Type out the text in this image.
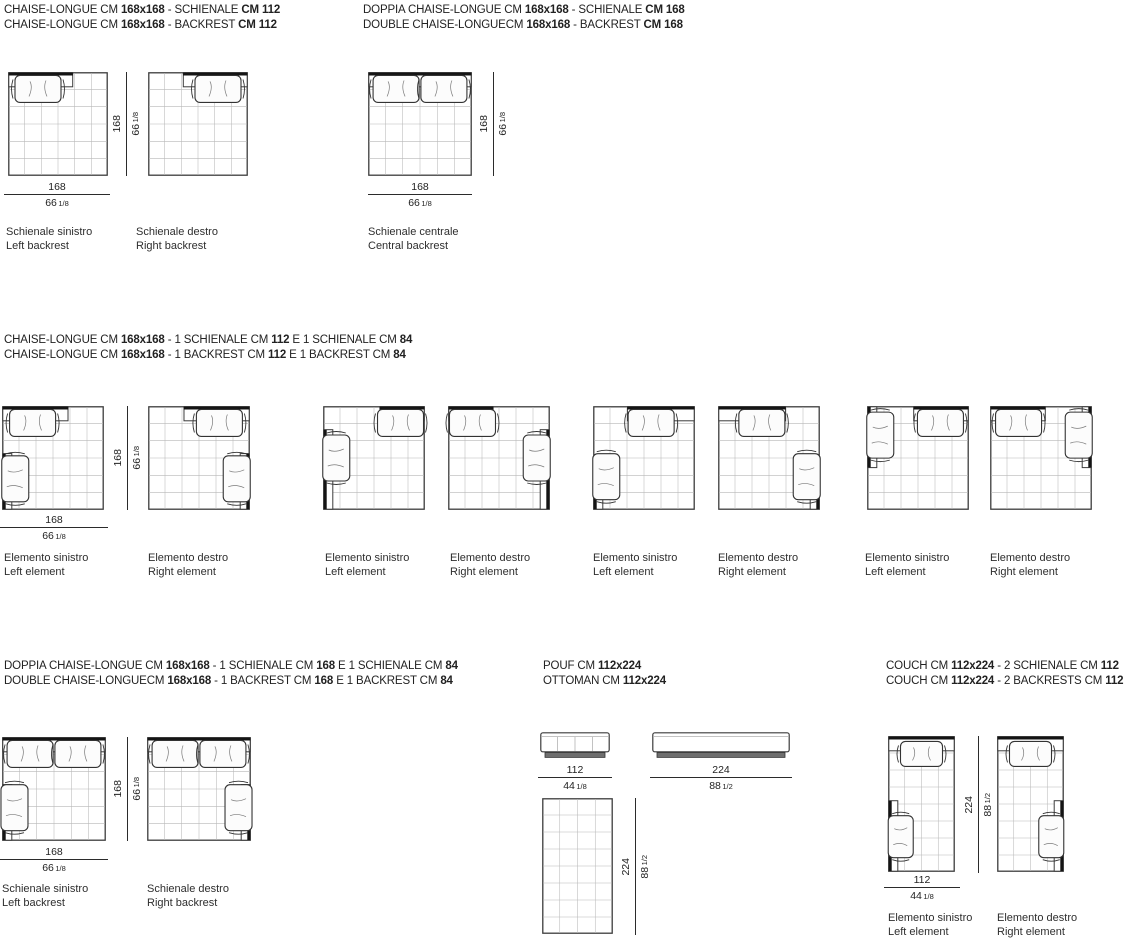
CHAISE-LONGUE CM 168x168 - SCHIENALE CM 112
CHAISE-LONGUE CM 168x168 - BACKREST CM 112
168 66 1/8
168
66 1/8
Schienale sinistro
Left backrest
Schienale destro
Right backrest
DOPPIA CHAISE-LONGUE CM 168x168 - SCHIENALE CM 168
DOUBLE CHAISE-LONGUECM 168x168 - BACKREST CM 168
168 66 1/8
168
66 1/8
Schienale centrale
Central backrest
CHAISE-LONGUE CM 168x168 - 1 SCHIENALE CM 112 E 1 SCHIENALE CM 84
CHAISE-LONGUE CM 168x168 - 1 BACKREST CM 112 E 1 BACKREST CM 84
168 66 1/8
168
66 1/8
Elemento sinistro
Left element
Elemento destro
Right element
Elemento sinistro
Left element
Elemento destro
Right element
Elemento sinistro
Left element
Elemento destro
Right element
Elemento sinistro
Left element
Elemento destro
Right element
DOPPIA CHAISE-LONGUE CM 168x168 - 1 SCHIENALE CM 168 E 1 SCHIENALE CM 84
DOUBLE CHAISE-LONGUECM 168x168 - 1 BACKREST CM 168 E 1 BACKREST CM 84
168 66 1/8
168
66 1/8
Schienale sinistro
Left backrest
Schienale destro
Right backrest
POUF CM 112x224
OTTOMAN CM 112x224
112
44 1/8
224
88 1/2
224 88 1/2
COUCH CM 112x224 - 2 SCHIENALE CM 112
COUCH CM 112x224 - 2 BACKRESTS CM 112
224 88 1/2
112
44 1/8
Elemento sinistro
Left element
Elemento destro
Right element
